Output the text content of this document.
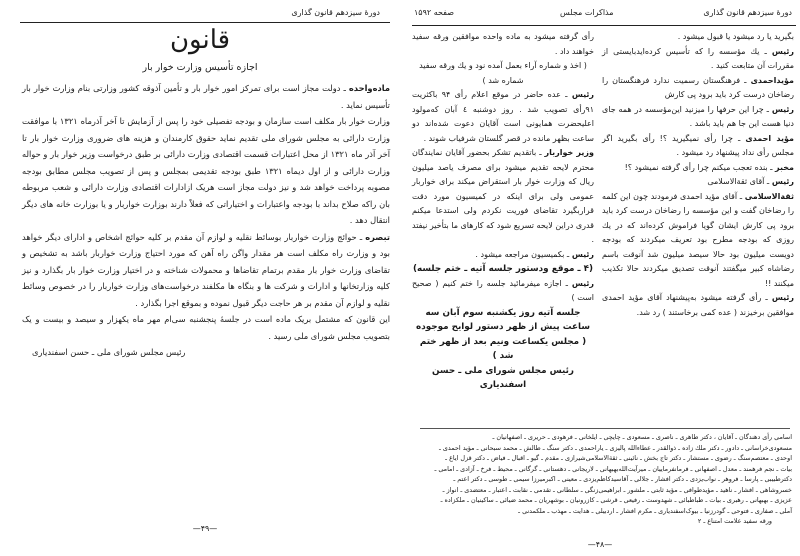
دورهٔ سیزدهم قانون گذاری
قانون
اجازه تأسیس وزارت خوار بار

ماده‌واحده ـ دولت مجاز است برای تمرکز امور خوار بار و تأمین آذوقه کشور وزارتی بنام وزارت خوار بار تأسیس نماید .

وزارت خوار بار مکلف است سازمان و بودجه تفصیلی خود را پس از آزمایش تا آخر آذرماه ۱۳۲۱ با موافقت وزارت دارائی به مجلس شورای ملی تقدیم نماید حقوق کارمندان و هزینه های ضروری وزارت خوار بار تا آخر آذر ماه ۱۳۲۱ از محل اعتبارات قسمت اقتصادی وزارت دارائی بر طبق درخواست وزیر خوار بار و حواله وزارت دارائی و از اول دیماه ۱۳۲۱ طبق بودجه تقدیمی بمجلس و پس از تصویب مجلس مطابق بودجه مصوبه پرداخت خواهد شد و نیز دولت مجاز است هریک ازادارات اقتصادی وزارت دارائی و شعب مربوطه بان راکه صلاح بداند با بودجه واعتبارات و اختیاراتی که فعلاً دارند بوزارت خواربار و یا بوزارت خانه های دیگر انتقال دهد .

تبصره ـ حوائج وزارت خواربار بوسائط نقلیه و لوازم آن مقدم بر کلیه حوائج اشخاص و ادارای دیگر خواهد بود و وزارت راه مکلف است هر مقدار واگن راه آهن که مورد احتیاج وزارت خواربار باشد به تشخیص و تقاضای وزارت خوار بار مقدم برتمام تقاضاها و محمولات شناخته و در اختیار وزارت خوار بار بگذارد و نیز کلیه وزارتخانها و ادارات و شرکت ها و بنگاه ها مکلفند درخواست‌های وزارت خواربار را در خصوص وسائط نقلیه و لوازم آن مقدم بر هر حاجت دیگر قبول نموده و بموقع اجرا بگذارد .

این قانون که مشتمل بریک ماده است در جلسهٔ پنجشنبه سی‌ام مهر ماه یکهزار و سیصد و بیست و یک بتصویب مجلس شورای ملی رسید .

رئیس مجلس شورای ملی ـ حسن اسفندیاری
—۴۹—
صفحه ۱۵۹۲	مذاکرات مجلس	دورهٔ سیزدهم قانون گذاری

بگیرید یا رد میشود یا قبول میشود .

رئیس ـ یك مؤسسه را که تأسیس کرده‌اید‌بایستی از مقررات آن متابعت کنید .

مؤیداحمدی ـ فرهنگستان رسمیت ندارد فرهنگستان را رضاخان درست کرد باید برود پی کارش

رئیس ـ چرا این حرفها را میزنید این‌مؤسسه در همه جای دنیا هست این جا هم باید باشد .

مؤید احمدی ـ چرا رأی نمیگیرید ؟! رأی بگیرید اگر مجلس رأی نداد پیشنهاد رد میشود .

مخبر ـ بنده تعجب میکنم چرا رأی گرفته نمیشود ؟!

رئیس ـ آقای ثقة‌الاسلامی

ثقةالاسلامی ـ آقای مؤید احمدی فرمودند چون این کلمه را رضاخان گفت و این مؤسسه را رضاخان درست کرد باید برود پی کارش ایشان گویا فراموش کرده‌اند که در یك روزی که بودجه مطرح بود تعریف میکردند که بودجه دویست میلیون بود حالا سیصد میلیون شد آنوقت باسم رضاشاه کبیر میگفتند آنوقت تصدیق میکردند حالا تکذیب میکنند !!

رئیس ـ رأی گرفته میشود به‌پیشنهاد آقای مؤید احمدی موافقین برخیزند ( عده کمی برخاستند ) رد شد.

رأی گرفته میشود به ماده واحده موافقین ورقه سفید خواهند داد .

( اخذ و شماره آراء بعمل آمده نود و یك ورقه سفید شماره شد )

رئیس ـ عده حاضر در موقع اعلام رأی ۹۴ باکثریت ۹۱رأی تصویب شد . روز دوشنبه ٤ آبان که‌مولود اعلیحضرت همایونی است آقایان دعوت شده‌اند دو ساعت بظهر مانده در قصر گلستان شرفیاب شوند .

وزیر خواربار ـ باتقدیم تشکر بحضور آقایان نمایندگان محترم لایحه تقدیم میشود برای مصرف یاصد میلیون ریال که وزارت خوار بار استقراض میکند برای خواربار عمومی ولی برای اینکه در کمیسیون مورد دقت قراربگیرد تقاضای فوریت نکردم ولی استدعا میکنم قدری دراین لایحه تسریع شود که کارهای ما بتأخیر نیفتد .

رئیس ـ بکمیسیون مراجعه میشود .

(۴ ـ موقع ودستور جلسه آتیه ـ ختم جلسه)

رئیس ـ اجازه میفرمائید جلسه را ختم کنیم ( صحیح است )

جلسه آتیه روز یکشنبه سوم آبان سه ساعت پیش از ظهر دستور لوایح موجوده

( مجلس یکساعت ونیم بعد از ظهر ختم شد )

رئیس مجلس شورای ملی ـ حسن اسفندیاری

اسامی رأی دهندگان ـ آقایان ، دکتر طاهری ـ ناصری ـ مسعودی ـ چایچی ـ ایلخانی ـ فرهودی ـ حریری ـ اصفهانیان ـ
مسعودی‌خراسانی ـ دادور ـ دکتر ملك زاده ـ ذوالقدر ـ عطاءالله پالیزی ـ یاراحمدی ـ دکتر سنگ ـ طالش ـ محمد سبحانی ـ مؤید احمدی ـ
اوحدی ـ معتصم‌سنگ ـ رضوی ـ مستشار ـ دکتر تاج بخش ـ نائینی ـ ثقةالاسلامی‌شیرازی ـ مقدم ـ گیو ـ اقبال ـ فیاض ـ دکتر قزل ایاغ ـ
بیات ـ نجم فرهمند ـ معدل ـ اصفهانی ـ فرمانفرماییان ـ میرآیت‌الله‌بهبهانی ـ لاریجانی ـ دهستانی ـ گرگانی ـ محیط ـ فرخ ـ آزادی ـ امامی ـ
دکترطبیبی ـ پارسا ـ فروهر ـ نواب‌یزدی ـ دکتر افشار ـ جلالی ـ آقاسید‌کاظم‌یزدی ـ معینی ـ اکبر‌میرزا سیمی ـ طوسی ـ دکتر اعتم ـ
خسروشاهی ـ افشار ـ ناهید ـ مؤیدطوافی ـ مؤید ثابتی ـ ملشور ـ ابراهیمی‌زنگی ـ سلطانی ـ تقدمی ـ نقابت ـ اعتبار ـ معتضدی ـ انواز ـ
عزیزی ـ بهبهانی ـ رهبری ـ بیات ـ طباطبائی ـ شهدوست ـ رفیعی ـ قرشی ـ کازرونیان ـ بوشهریان ـ محمد ضیائی ـ ساکینیان ـ ملکزاده ـ
آملی ـ صفاری ـ فتوحی ـ گودرزنیا ـ بیوک‌اسفندیاری ـ مکرم افشار ـ اردبیلی ـ هدایت ـ مهذب ـ ملکمدنی ـ
ورقه سفید علامت امتناع ـ ۲
—۴۸—
